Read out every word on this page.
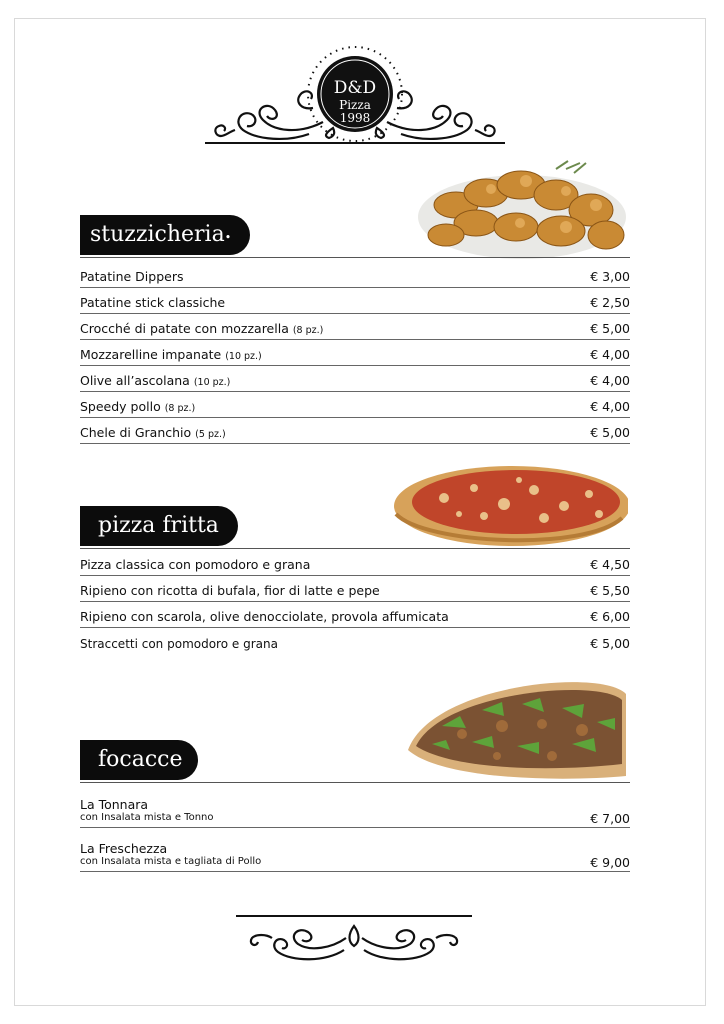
D&D
Pizza
1998
stuzzicheria•
Patatine Dippers	€ 3,00
Patatine stick classiche	€ 2,50
Crocché di patate con mozzarella (8 pz.)	€ 5,00
Mozzarelline impanate (10 pz.)	€ 4,00
Olive all’ascolana (10 pz.)	€ 4,00
Speedy pollo (8 pz.)	€ 4,00
Chele di Granchio (5 pz.)	€ 5,00
pizza fritta
Pizza classica con pomodoro e grana	€ 4,50
Ripieno con ricotta di bufala, fior di latte e pepe	€ 5,50
Ripieno con scarola, olive denocciolate, provola affumicata	€ 6,00
Straccetti con pomodoro e grana	€ 5,00
focacce
La Tonnara
con Insalata mista e Tonno	€ 7,00
La Freschezza
con Insalata mista e tagliata di Pollo	€ 9,00
